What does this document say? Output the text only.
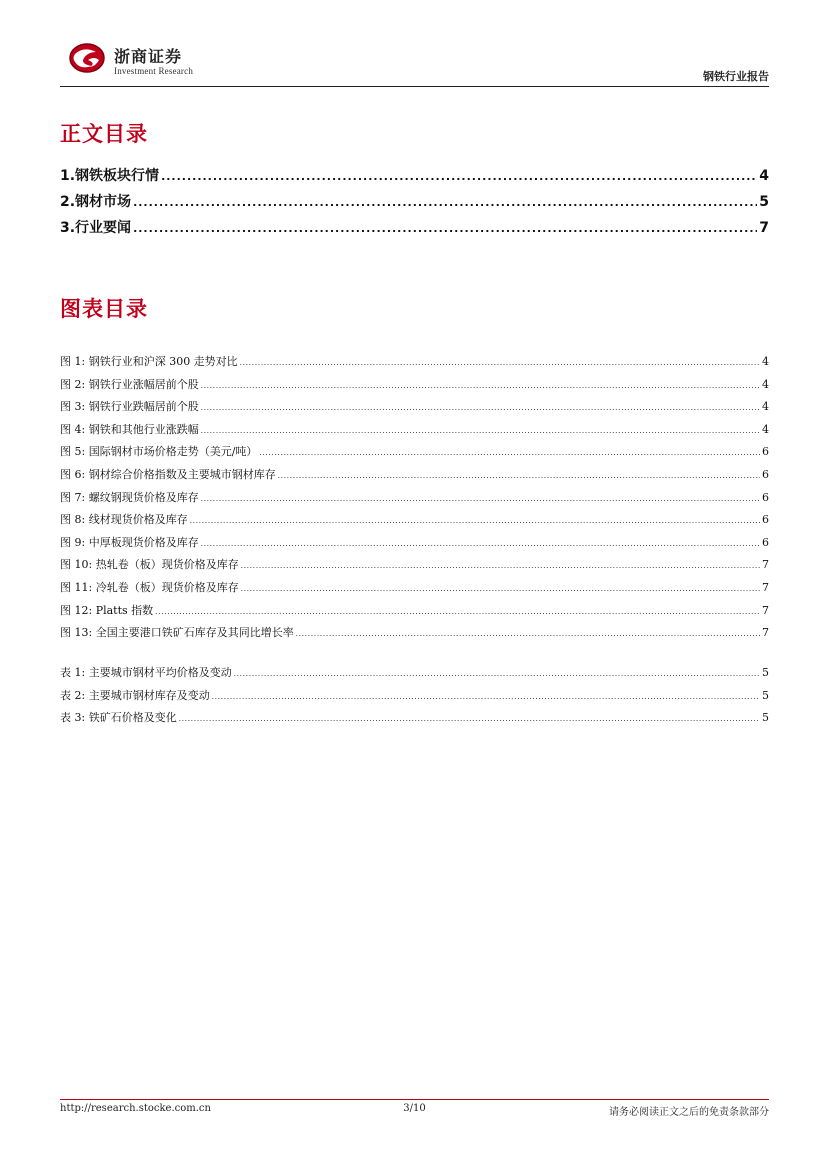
浙商证券
Investment Research	钢铁行业报告
正文目录
1.钢铁板块行情 .....	4
2.钢材市场 .....	5
3.行业要闻 .....	7
图表目录
图 1: 钢铁行业和沪深 300 走势对比 .....	4
图 2: 钢铁行业涨幅居前个股 .....	4
图 3: 钢铁行业跌幅居前个股 .....	4
图 4: 钢铁和其他行业涨跌幅 .....	4
图 5: 国际钢材市场价格走势（美元/吨） .....	6
图 6: 钢材综合价格指数及主要城市钢材库存 .....	6
图 7: 螺纹钢现货价格及库存 .....	6
图 8: 线材现货价格及库存 .....	6
图 9: 中厚板现货价格及库存 .....	6
图 10: 热轧卷（板）现货价格及库存 .....	7
图 11: 冷轧卷（板）现货价格及库存 .....	7
图 12: Platts 指数 .....	7
图 13: 全国主要港口铁矿石库存及其同比增长率 .....	7
表 1: 主要城市钢材平均价格及变动 .....	5
表 2: 主要城市钢材库存及变动 .....	5
表 3: 铁矿石价格及变化 .....	5
http://research.stocke.com.cn	3/10	请务必阅读正文之后的免责条款部分
